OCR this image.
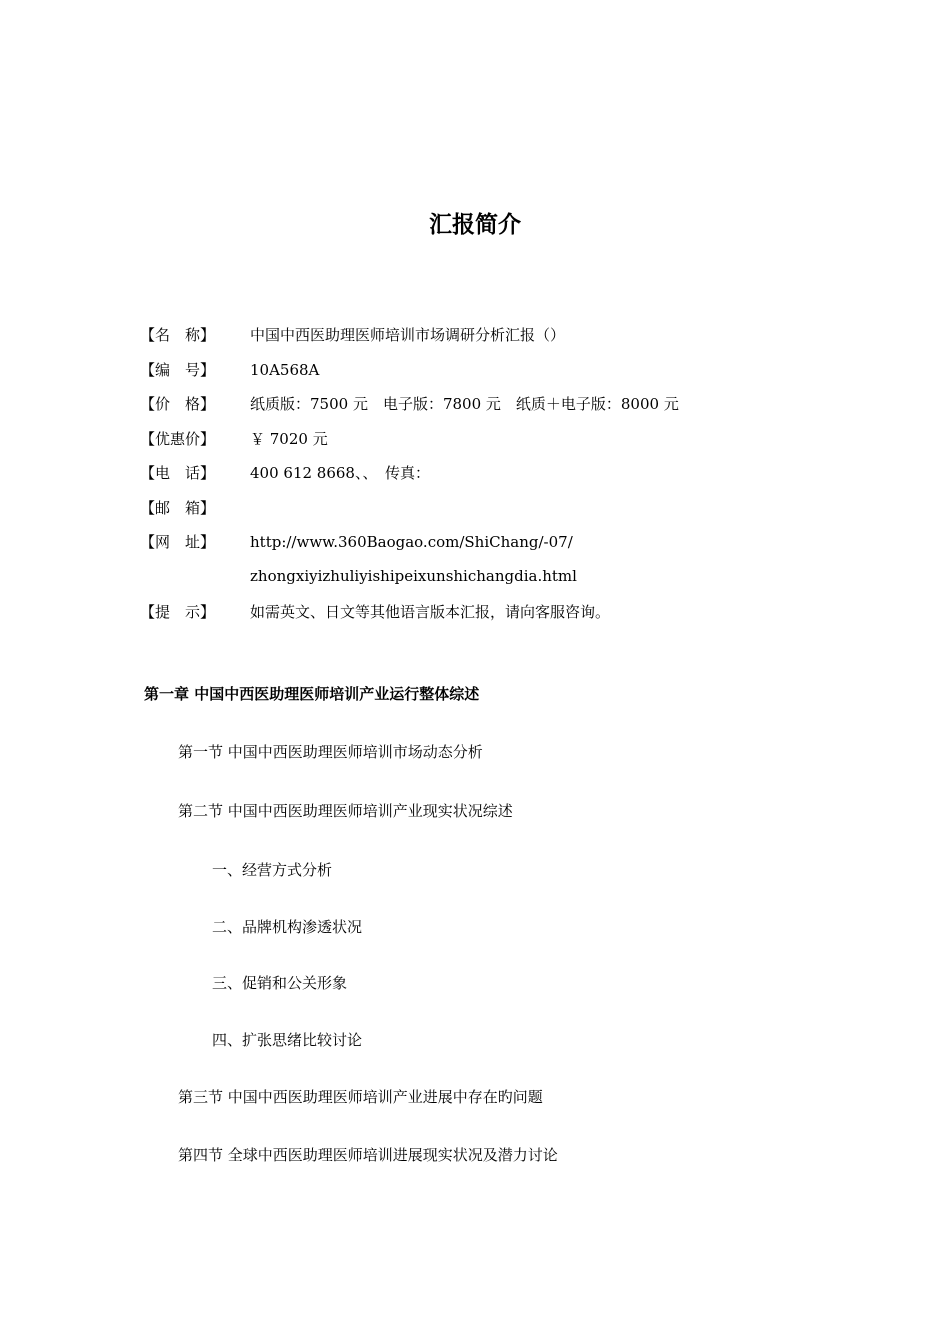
汇报简介
【名　称】	中国中西医助理医师培训市场调研分析汇报（）
【编　号】	10A568A
【价　格】	纸质版：7500 元　电子版：7800 元　纸质＋电子版：8000 元
【优惠价】	￥ 7020 元
【电　话】	400 612 8668、、　传真：
【邮　箱】
【网　址】	http://www.360Baogao.com/ShiChang/-07/
zhongxiyizhuliyishipeixunshichangdia.html
【提　示】	如需英文、日文等其他语言版本汇报，请向客服咨询。
第一章 中国中西医助理医师培训产业运行整体综述
第一节 中国中西医助理医师培训市场动态分析
第二节 中国中西医助理医师培训产业现实状况综述
一、经营方式分析
二、品牌机构渗透状况
三、促销和公关形象
四、扩张思绪比较讨论
第三节 中国中西医助理医师培训产业进展中存在旳问题
第四节 全球中西医助理医师培训进展现实状况及潜力讨论
